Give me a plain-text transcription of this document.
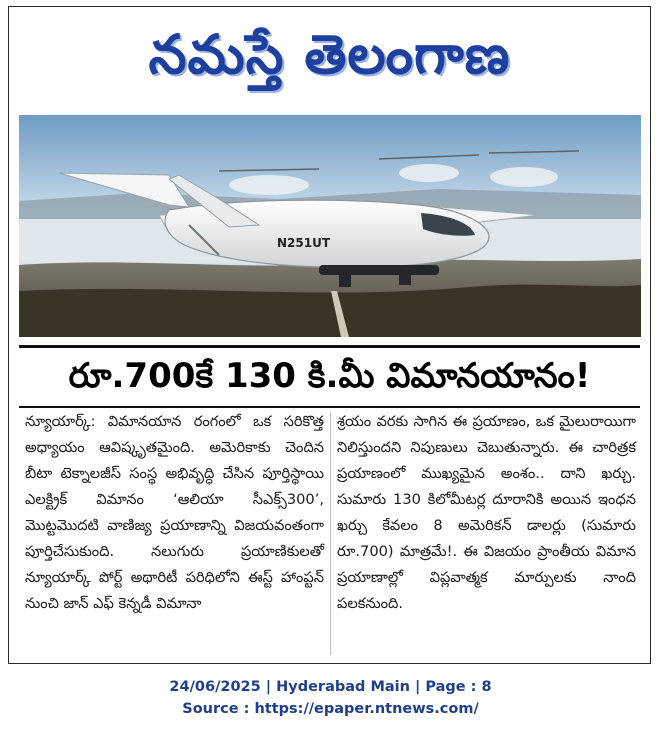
నమస్తే తెలంగాణ
N251UT
రూ.700కే 130 కి.మీ విమానయానం!

న్యూయార్క్: విమానయాన రంగంలో ఒక సరికొత్త అధ్యాయం ఆవిష్కృతమైంది. అమెరికాకు చెందిన బీటా టెక్నాలజీస్ సంస్థ అభివృద్ధి చేసిన పూర్తిస్థాయి ఎలక్ట్రిక్ విమానం ‘ఆలియా సీఎక్స్300’, మొట్టమొదటి వాణిజ్య ప్రయాణాన్ని విజయవంతంగా పూర్తిచేసుకుంది. నలుగురు ప్రయాణికులతో న్యూయార్క్ పోర్ట్ అథారిటీ పరిధిలోని ఈస్ట్ హాంప్టన్ నుంచి జాన్ ఎఫ్ కెన్నడీ విమానా

శ్రయం వరకు సాగిన ఈ ప్రయాణం, ఒక మైలురాయిగా నిలిస్తుందని నిపుణులు చెబుతున్నారు. ఈ చారిత్రక ప్రయాణంలో ముఖ్యమైన అంశం.. దాని ఖర్చు. సుమారు 130 కిలోమీటర్ల దూరానికి అయిన ఇంధన ఖర్చు కేవలం 8 అమెరికన్ డాలర్లు (సుమారు రూ.700) మాత్రమే!. ఈ విజయం ప్రాంతీయ విమాన ప్రయాణాల్లో విప్లవాత్మక మార్పులకు నాంది పలకనుంది.

24/06/2025 | Hyderabad Main | Page : 8
Source : https://epaper.ntnews.com/
